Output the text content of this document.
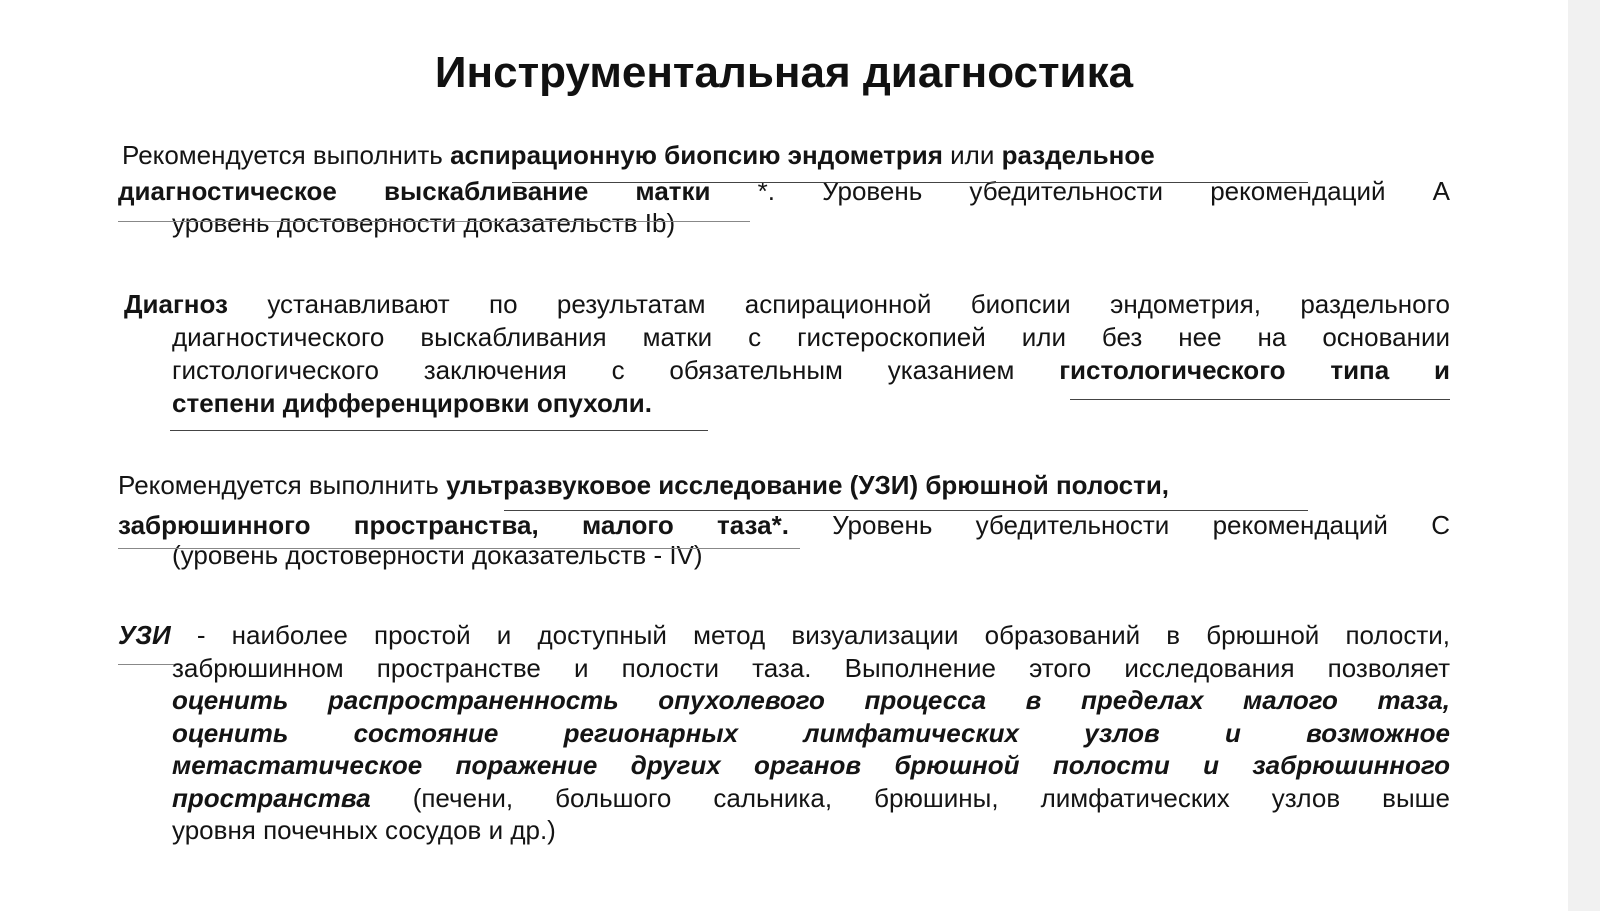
Инструментальная диагностика
Рекомендуется выполнить аспирационную биопсию эндометрия или раздельное
диагностическое выскабливание матки *. Уровень убедительности рекомендаций А
уровень достоверности доказательств Ib)
Диагноз устанавливают по результатам аспирационной биопсии эндометрия, раздельного
диагностического выскабливания матки с гистероскопией или без нее на основании
гистологического заключения с обязательным указанием гистологического типа и
степени дифференцировки опухоли.
Рекомендуется выполнить ультразвуковое исследование (УЗИ) брюшной полости,
забрюшинного пространства, малого таза*. Уровень убедительности рекомендаций С
(уровень достоверности доказательств - IV)
УЗИ - наиболее простой и доступный метод визуализации образований в брюшной полости,
забрюшинном пространстве и полости таза. Выполнение этого исследования позволяет
оценить распространенность опухолевого процесса в пределах малого таза,
оценить состояние регионарных лимфатических узлов и возможное
метастатическое поражение других органов брюшной полости и забрюшинного
пространства (печени, большого сальника, брюшины, лимфатических узлов выше
уровня почечных сосудов и др.)
